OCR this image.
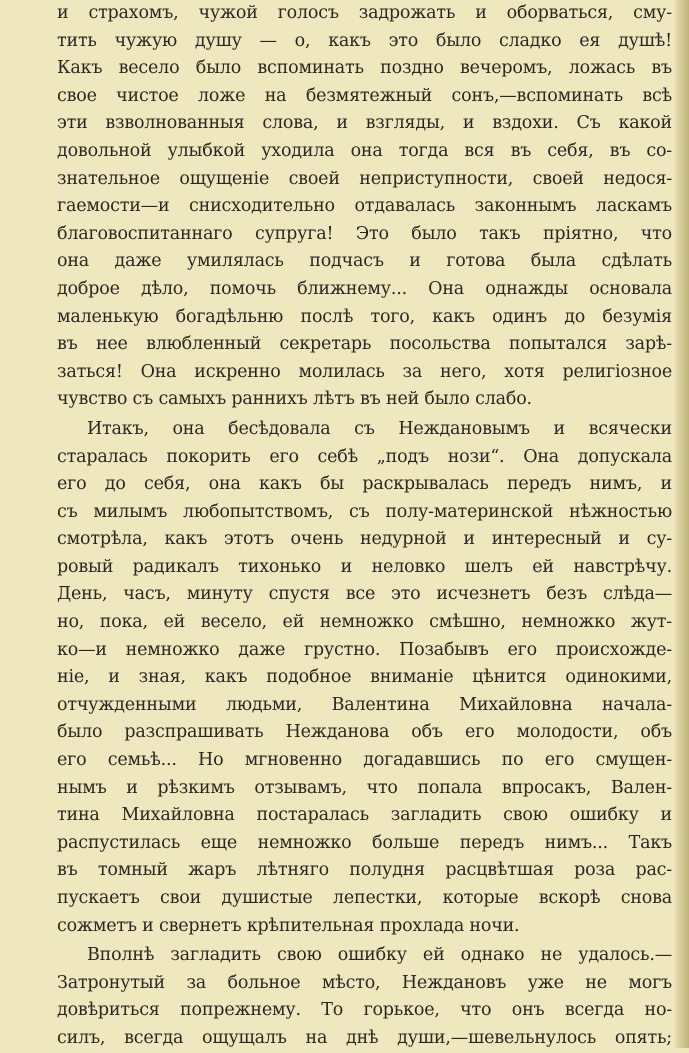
и страхомъ, чужой голосъ задрожать и оборваться, сму-
тить чужую душу — о, какъ это было сладко ея душѣ!
Какъ весело было вспоминать поздно вечеромъ, ложась въ
свое чистое ложе на безмятежный сонъ,—вспоминать всѣ
эти взволнованныя слова, и взгляды, и вздохи. Съ какой
довольной улыбкой уходила она тогда вся въ себя, въ со-
знательное ощущеніе своей неприступности, своей недося-
гаемости—и снисходительно отдавалась законнымъ ласкамъ
благовоспитаннаго супруга! Это было такъ пріятно, что
она даже умилялась подчасъ и готова была сдѣлать
доброе дѣло, помочь ближнему... Она однажды основала
маленькую богадѣльню послѣ того, какъ одинъ до безумія
въ нее влюбленный секретарь посольства попытался зарѣ-
заться! Она искренно молилась за него, хотя религіозное
чувство съ самыхъ раннихъ лѣтъ въ ней было слабо.
Итакъ, она бесѣдовала съ Неждановымъ и всячески
старалась покорить его себѣ „подъ нози“. Она допускала
его до себя, она какъ бы раскрывалась передъ нимъ, и
съ милымъ любопытствомъ, съ полу-материнской нѣжностью
смотрѣла, какъ этотъ очень недурной и интересный и су-
ровый радикалъ тихонько и неловко шелъ ей навстрѣчу.
День, часъ, минуту спустя все это исчезнетъ безъ слѣда—
но, пока, ей весело, ей немножко смѣшно, немножко жут-
ко—и немножко даже грустно. Позабывъ его происхожде-
ніе, и зная, какъ подобное вниманіе цѣнится одинокими,
отчужденными людьми, Валентина Михайловна начала-
было разспрашивать Нежданова объ его молодости, объ
его семьѣ... Но мгновенно догадавшись по его смущен-
нымъ и рѣзкимъ отзывамъ, что попала впросакъ, Вален-
тина Михайловна постаралась загладить свою ошибку и
распустилась еще немножко больше передъ нимъ... Такъ
въ томный жаръ лѣтняго полудня расцвѣтшая роза рас-
пускаетъ свои душистые лепестки, которые вскорѣ снова
сожметъ и свернетъ крѣпительная прохлада ночи.
Вполнѣ загладить свою ошибку ей однако не удалось.—
Затронутый за больное мѣсто, Неждановъ уже не могъ
довѣриться попрежнему. То горькое, что онъ всегда но-
силъ, всегда ощущалъ на днѣ души,—шевельнулось опять;
